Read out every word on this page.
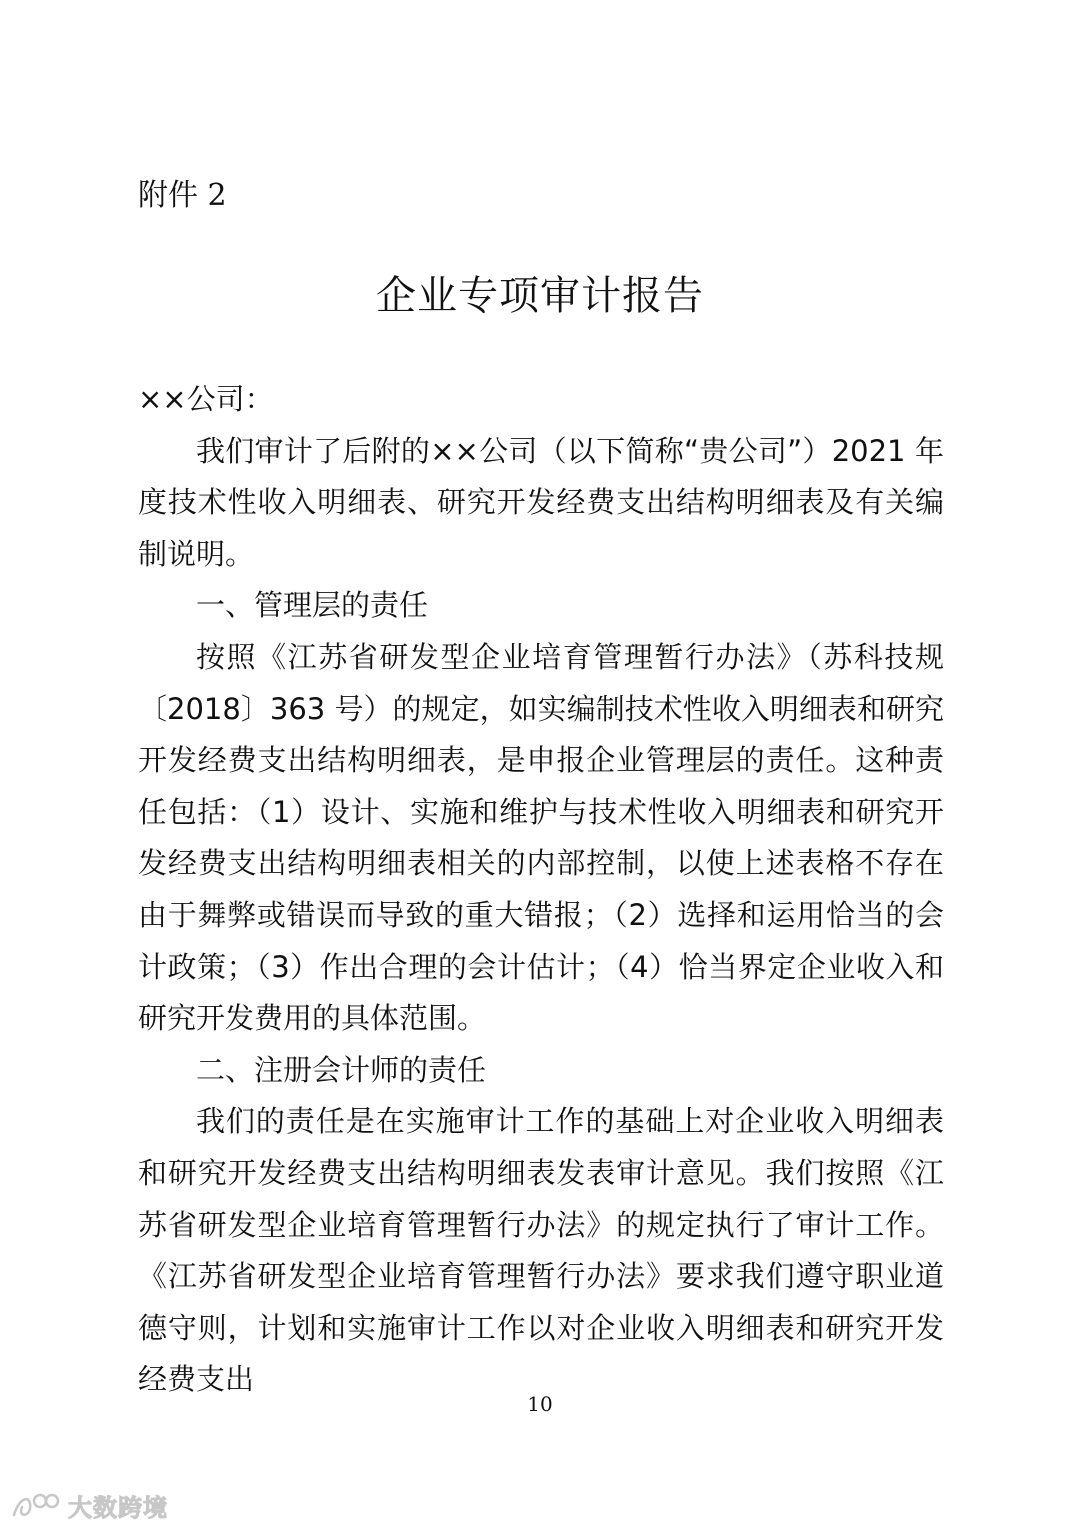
附件 2
企业专项审计报告

××公司：

我们审计了后附的××公司（以下简称“贵公司”）2021 年度技术性收入明细表、研究开发经费支出结构明细表及有关编制说明。

一、管理层的责任

按照《江苏省研发型企业培育管理暂行办法》（苏科技规〔2018〕363 号）的规定，如实编制技术性收入明细表和研究开发经费支出结构明细表，是申报企业管理层的责任。这种责任包括：（1）设计、实施和维护与技术性收入明细表和研究开发经费支出结构明细表相关的内部控制，以使上述表格不存在由于舞弊或错误而导致的重大错报；（2）选择和运用恰当的会计政策；（3）作出合理的会计估计；（4）恰当界定企业收入和研究开发费用的具体范围。

二、注册会计师的责任

我们的责任是在实施审计工作的基础上对企业收入明细表和研究开发经费支出结构明细表发表审计意见。我们按照《江苏省研发型企业培育管理暂行办法》的规定执行了审计工作。《江苏省研发型企业培育管理暂行办法》要求我们遵守职业道德守则，计划和实施审计工作以对企业收入明细表和研究开发经费支出

10
大数跨境
